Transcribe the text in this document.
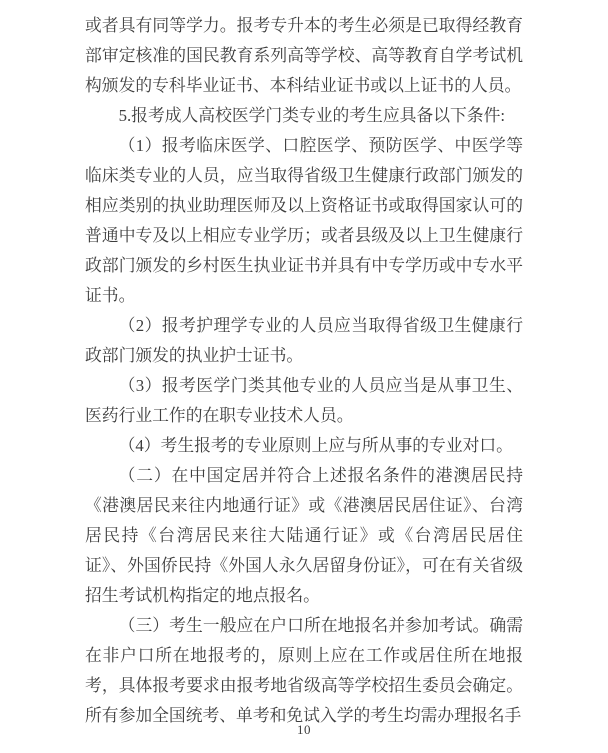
或者具有同等学力。报考专升本的考生必须是已取得经教育部审定核准的国民教育系列高等学校、高等教育自学考试机构颁发的专科毕业证书、本科结业证书或以上证书的人员。

5.报考成人高校医学门类专业的考生应具备以下条件:

（1）报考临床医学、口腔医学、预防医学、中医学等临床类专业的人员，应当取得省级卫生健康行政部门颁发的相应类别的执业助理医师及以上资格证书或取得国家认可的普通中专及以上相应专业学历；或者县级及以上卫生健康行政部门颁发的乡村医生执业证书并具有中专学历或中专水平证书。

（2）报考护理学专业的人员应当取得省级卫生健康行政部门颁发的执业护士证书。

（3）报考医学门类其他专业的人员应当是从事卫生、医药行业工作的在职专业技术人员。

（4）考生报考的专业原则上应与所从事的专业对口。

（二）在中国定居并符合上述报名条件的港澳居民持《港澳居民来往内地通行证》或《港澳居民居住证》、台湾居民持《台湾居民来往大陆通行证》或《台湾居民居住证》、外国侨民持《外国人永久居留身份证》，可在有关省级招生考试机构指定的地点报名。

（三）考生一般应在户口所在地报名并参加考试。确需在非户口所在地报考的，原则上应在工作或居住所在地报考，具体报考要求由报考地省级高等学校招生委员会确定。所有参加全国统考、单考和免试入学的考生均需办理报名手

10
